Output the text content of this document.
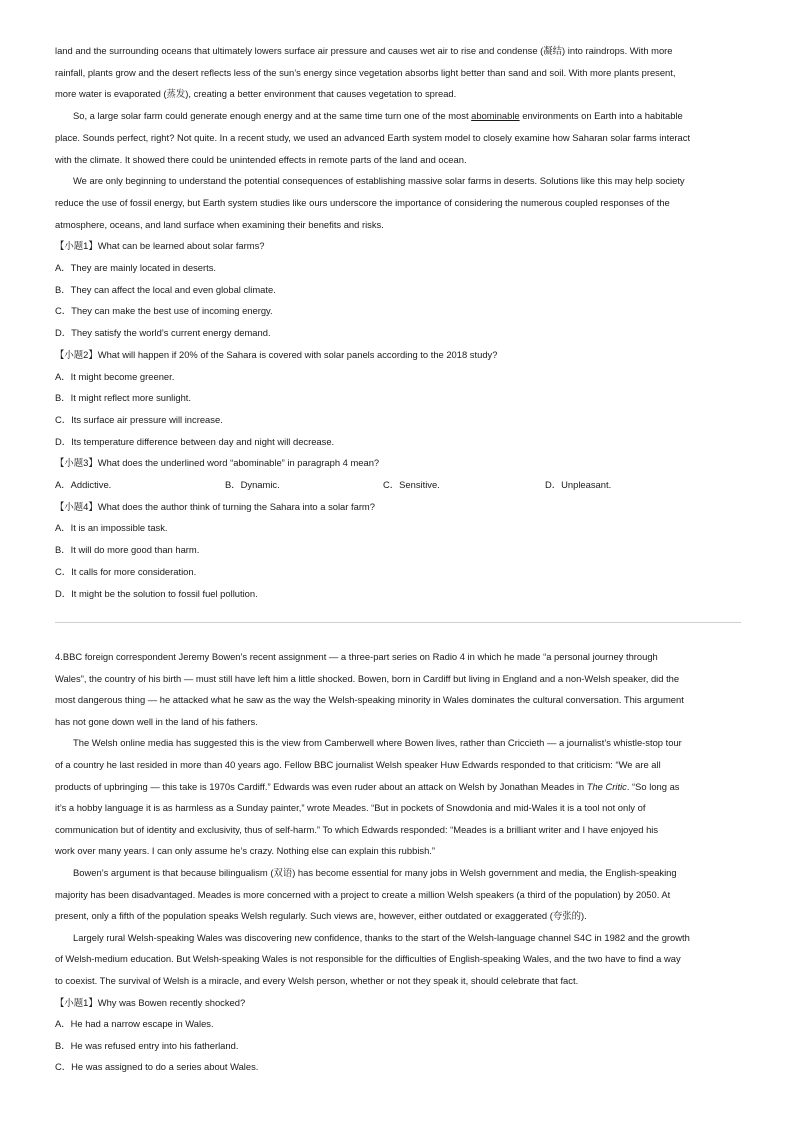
land and the surrounding oceans that ultimately lowers surface air pressure and causes wet air to rise and condense (凝结) into raindrops. With more
rainfall, plants grow and the desert reflects less of the sun’s energy since vegetation absorbs light better than sand and soil. With more plants present,
more water is evaporated (蒸发), creating a better environment that causes vegetation to spread.
So, a large solar farm could generate enough energy and at the same time turn one of the most abominable environments on Earth into a habitable
place. Sounds perfect, right? Not quite. In a recent study, we used an advanced Earth system model to closely examine how Saharan solar farms interact
with the climate. It showed there could be unintended effects in remote parts of the land and ocean.
We are only beginning to understand the potential consequences of establishing massive solar farms in deserts. Solutions like this may help society
reduce the use of fossil energy, but Earth system studies like ours underscore the importance of considering the numerous coupled responses of the
atmosphere, oceans, and land surface when examining their benefits and risks.
【小题1】What can be learned about solar farms?
A．They are mainly located in deserts.
B．They can affect the local and even global climate.
C．They can make the best use of incoming energy.
D．They satisfy the world’s current energy demand.
【小题2】What will happen if 20% of the Sahara is covered with solar panels according to the 2018 study?
A．It might become greener.
B．It might reflect more sunlight.
C．Its surface air pressure will increase.
D．Its temperature difference between day and night will decrease.
【小题3】What does the underlined word “abominable” in paragraph 4 mean?
A．Addictive.	B．Dynamic.	C．Sensitive.	D．Unpleasant.
【小题4】What does the author think of turning the Sahara into a solar farm?
A．It is an impossible task.
B．It will do more good than harm.
C．It calls for more consideration.
D．It might be the solution to fossil fuel pollution.
4.BBC foreign correspondent Jeremy Bowen’s recent assignment — a three-part series on Radio 4 in which he made “a personal journey through
Wales”, the country of his birth — must still have left him a little shocked. Bowen, born in Cardiff but living in England and a non-Welsh speaker, did the
most dangerous thing — he attacked what he saw as the way the Welsh-speaking minority in Wales dominates the cultural conversation. This argument
has not gone down well in the land of his fathers.
The Welsh online media has suggested this is the view from Camberwell where Bowen lives, rather than Criccieth — a journalist’s whistle-stop tour
of a country he last resided in more than 40 years ago. Fellow BBC journalist Welsh speaker Huw Edwards responded to that criticism: “We are all
products of upbringing — this take is 1970s Cardiff.” Edwards was even ruder about an attack on Welsh by Jonathan Meades in The Critic. “So long as
it’s a hobby language it is as harmless as a Sunday painter,” wrote Meades. “But in pockets of Snowdonia and mid-Wales it is a tool not only of
communication but of identity and exclusivity, thus of self-harm.” To which Edwards responded: “Meades is a brilliant writer and I have enjoyed his
work over many years. I can only assume he’s crazy. Nothing else can explain this rubbish.”
Bowen’s argument is that because bilingualism (双语) has become essential for many jobs in Welsh government and media, the English-speaking
majority has been disadvantaged. Meades is more concerned with a project to create a million Welsh speakers (a third of the population) by 2050. At
present, only a fifth of the population speaks Welsh regularly. Such views are, however, either outdated or exaggerated (夸张的).
Largely rural Welsh-speaking Wales was discovering new confidence, thanks to the start of the Welsh-language channel S4C in 1982 and the growth
of Welsh-medium education. But Welsh-speaking Wales is not responsible for the difficulties of English-speaking Wales, and the two have to find a way
to coexist. The survival of Welsh is a miracle, and every Welsh person, whether or not they speak it, should celebrate that fact.
【小题1】Why was Bowen recently shocked?
A．He had a narrow escape in Wales.
B．He was refused entry into his fatherland.
C．He was assigned to do a series about Wales.
